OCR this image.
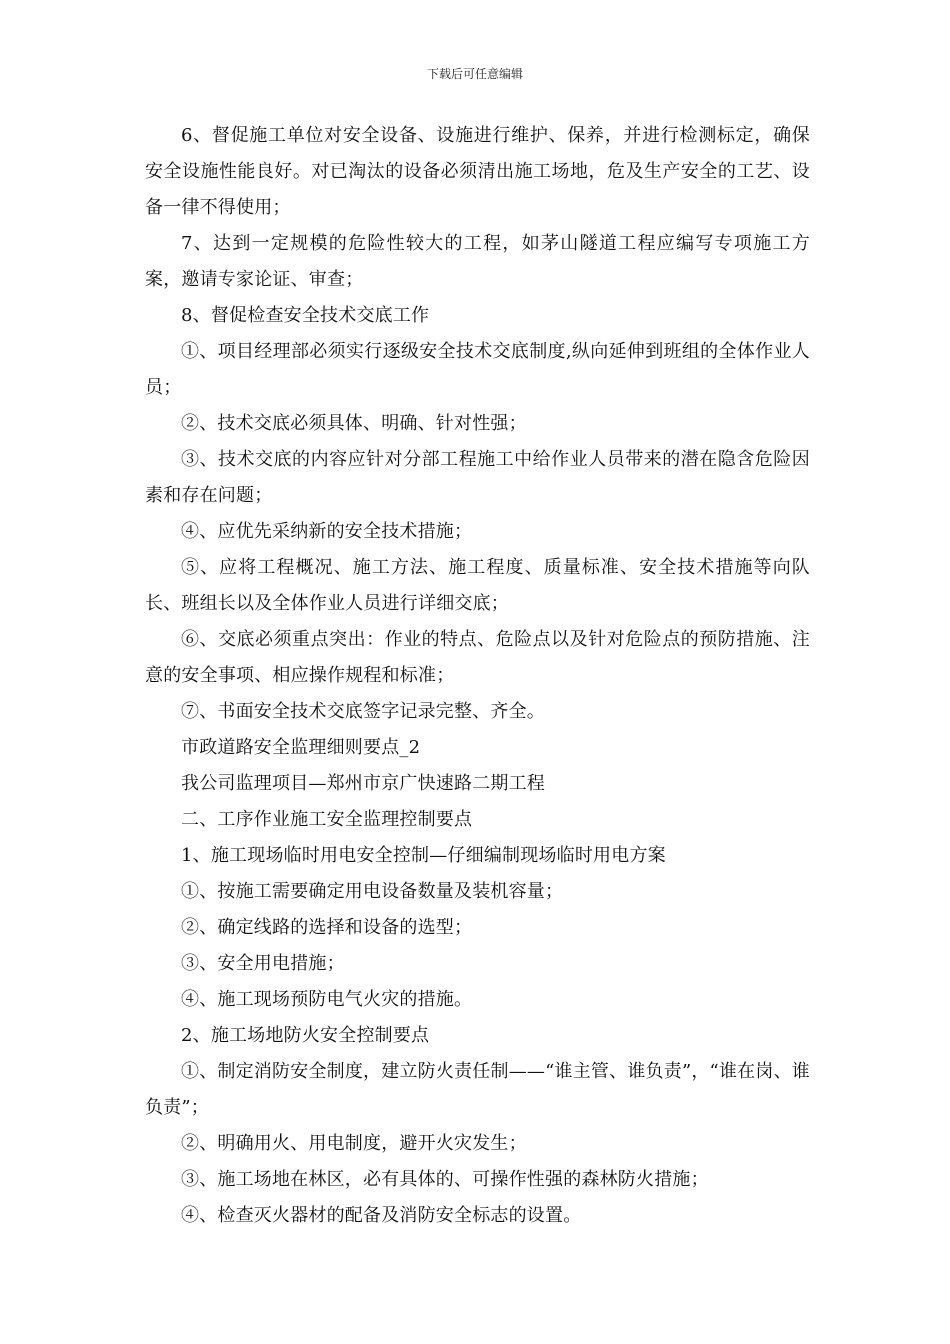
下载后可任意编辑

6、督促施工单位对安全设备、设施进行维护、保养，并进行检测标定，确保安全设施性能良好。对已淘汰的设备必须清出施工场地，危及生产安全的工艺、设备一律不得使用；

7、达到一定规模的危险性较大的工程，如茅山隧道工程应编写专项施工方案，邀请专家论证、审查；

8、督促检查安全技术交底工作

①、项目经理部必须实行逐级安全技术交底制度,纵向延伸到班组的全体作业人员；

②、技术交底必须具体、明确、针对性强；

③、技术交底的内容应针对分部工程施工中给作业人员带来的潜在隐含危险因素和存在问题；

④、应优先采纳新的安全技术措施；

⑤、应将工程概况、施工方法、施工程度、质量标准、安全技术措施等向队长、班组长以及全体作业人员进行详细交底；

⑥、交底必须重点突出：作业的特点、危险点以及针对危险点的预防措施、注意的安全事项、相应操作规程和标准；

⑦、书面安全技术交底签字记录完整、齐全。

市政道路安全监理细则要点_2

我公司监理项目—郑州市京广快速路二期工程

二、工序作业施工安全监理控制要点

1、施工现场临时用电安全控制—仔细编制现场临时用电方案

①、按施工需要确定用电设备数量及装机容量；

②、确定线路的选择和设备的选型；

③、安全用电措施；

④、施工现场预防电气火灾的措施。

2、施工场地防火安全控制要点

①、制定消防安全制度，建立防火责任制——“谁主管、谁负责”，“谁在岗、谁负责”；

②、明确用火、用电制度，避开火灾发生；

③、施工场地在林区，必有具体的、可操作性强的森林防火措施；

④、检查灭火器材的配备及消防安全标志的设置。
